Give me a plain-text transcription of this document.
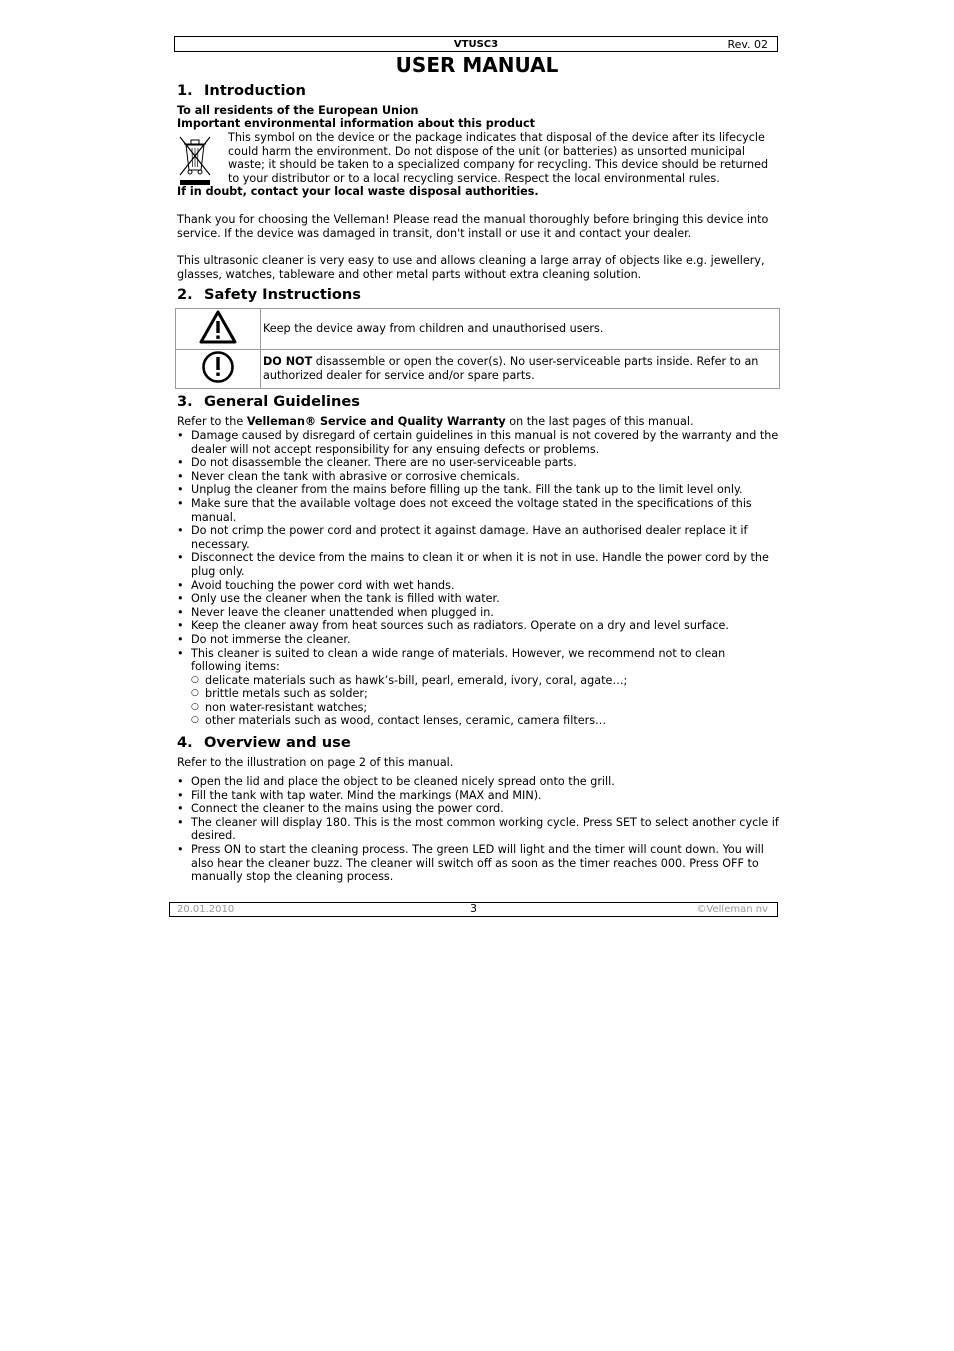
VTUSC3	Rev. 02
USER MANUAL
1. Introduction

To all residents of the European Union

Important environmental information about this product

This symbol on the device or the package indicates that disposal of the device after its lifecycle could harm the environment. Do not dispose of the unit (or batteries) as unsorted municipal waste; it should be taken to a specialized company for recycling. This device should be returned to your distributor or to a local recycling service. Respect the local environmental rules.

If in doubt, contact your local waste disposal authorities.

Thank you for choosing the Velleman! Please read the manual thoroughly before bringing this device into service. If the device was damaged in transit, don't install or use it and contact your dealer.

This ultrasonic cleaner is very easy to use and allows cleaning a large array of objects like e.g. jewellery, glasses, watches, tableware and other metal parts without extra cleaning solution.

2. Safety Instructions
	Keep the device away from children and unauthorised users.
	DO NOT disassemble or open the cover(s). No user-serviceable parts inside. Refer to an authorized dealer for service and/or spare parts.
3. General Guidelines

Refer to the Velleman® Service and Quality Warranty on the last pages of this manual.

• Damage caused by disregard of certain guidelines in this manual is not covered by the warranty and the dealer will not accept responsibility for any ensuing defects or problems.
• Do not disassemble the cleaner. There are no user-serviceable parts.
• Never clean the tank with abrasive or corrosive chemicals.
• Unplug the cleaner from the mains before filling up the tank. Fill the tank up to the limit level only.
• Make sure that the available voltage does not exceed the voltage stated in the specifications of this manual.
• Do not crimp the power cord and protect it against damage. Have an authorised dealer replace it if necessary.
• Disconnect the device from the mains to clean it or when it is not in use. Handle the power cord by the plug only.
• Avoid touching the power cord with wet hands.
• Only use the cleaner when the tank is filled with water.
• Never leave the cleaner unattended when plugged in.
• Keep the cleaner away from heat sources such as radiators. Operate on a dry and level surface.
• Do not immerse the cleaner.
• This cleaner is suited to clean a wide range of materials. However, we recommend not to clean following items:
○ delicate materials such as hawk’s-bill, pearl, emerald, ivory, coral, agate…;
○ brittle metals such as solder;
○ non water-resistant watches;
○ other materials such as wood, contact lenses, ceramic, camera filters…
4. Overview and use

Refer to the illustration on page 2 of this manual.

• Open the lid and place the object to be cleaned nicely spread onto the grill.
• Fill the tank with tap water. Mind the markings (MAX and MIN).
• Connect the cleaner to the mains using the power cord.
• The cleaner will display 180. This is the most common working cycle. Press SET to select another cycle if desired.
• Press ON to start the cleaning process. The green LED will light and the timer will count down. You will also hear the cleaner buzz. The cleaner will switch off as soon as the timer reaches 000. Press OFF to manually stop the cleaning process.
20.01.2010	3	©Velleman nv
